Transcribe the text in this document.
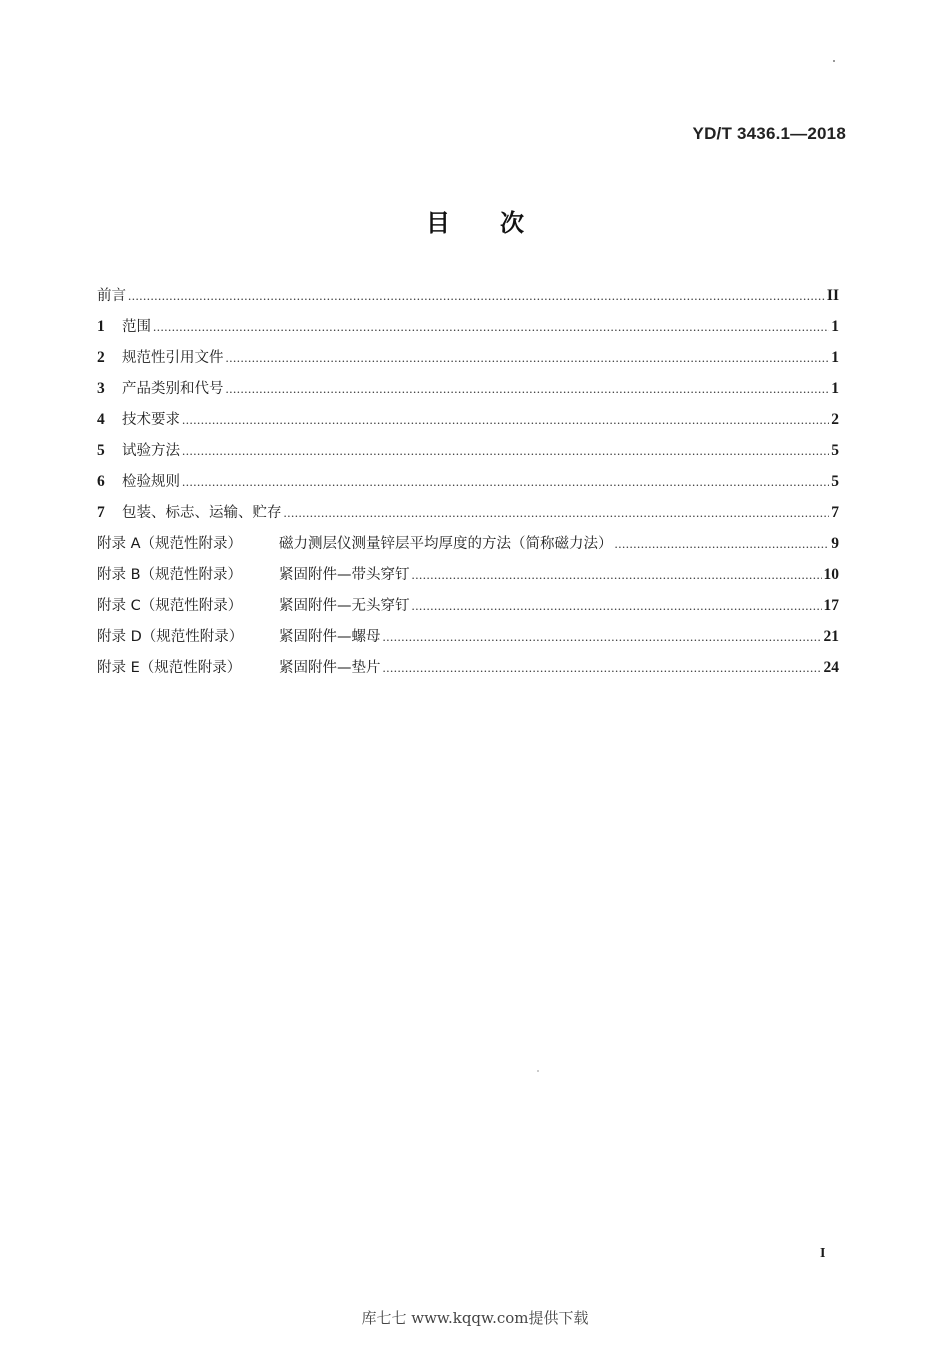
YD/T 3436.1—2018
目 次
前言 .....	II
1	范围 .....	1
2	规范性引用文件 .....	1
3	产品类别和代号 .....	1
4	技术要求 .....	2
5	试验方法 .....	5
6	检验规则 .....	5
7	包装、标志、运输、贮存 .....	7
附录 A（规范性附录）	磁力测层仪测量锌层平均厚度的方法（简称磁力法） .....	9
附录 B（规范性附录）	紧固附件—带头穿钉 .....	10
附录 C（规范性附录）	紧固附件—无头穿钉 .....	17
附录 D（规范性附录）	紧固附件—螺母 .....	21
附录 E（规范性附录）	紧固附件—垫片 .....	24
I
库七七 www.kqqw.com提供下载
